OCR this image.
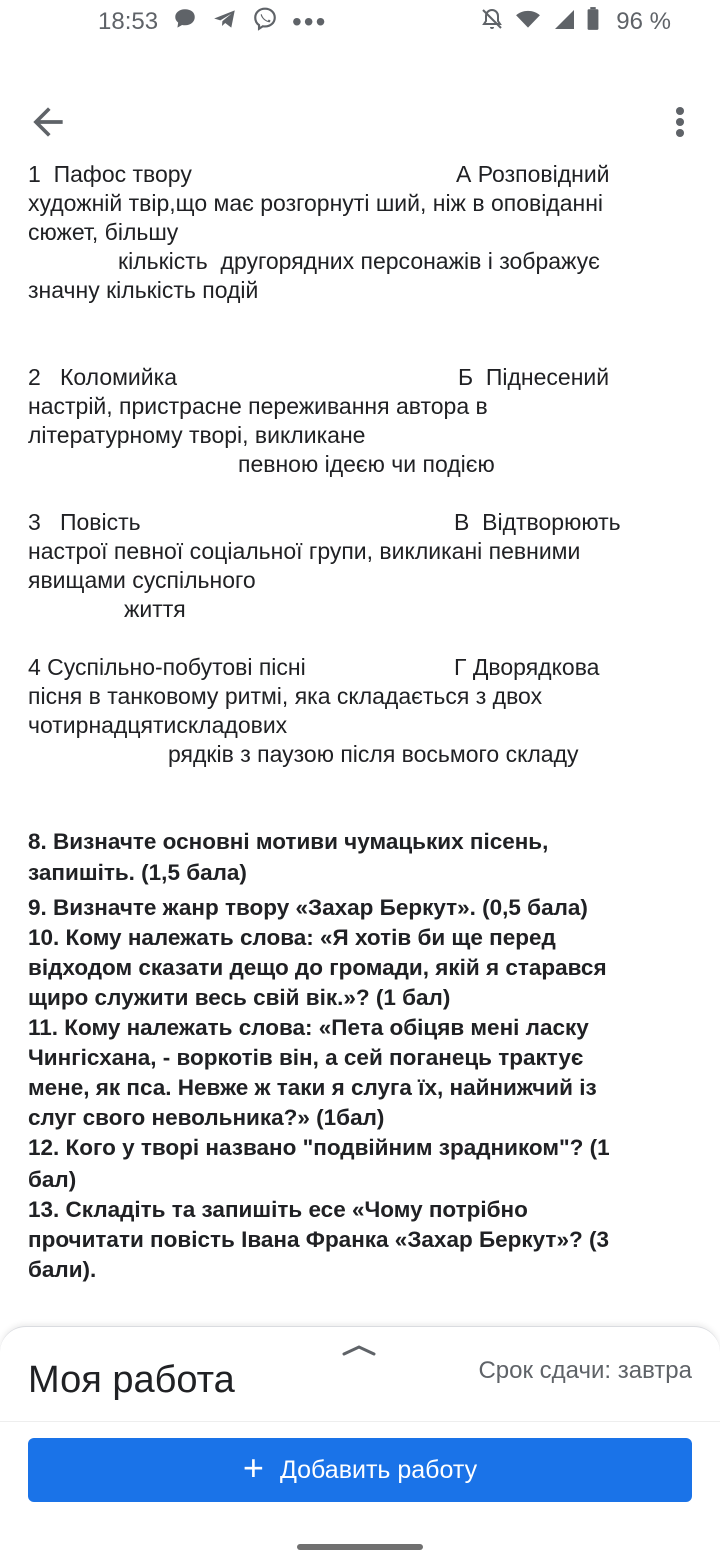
18:53	•••	96 %
1  Пафос твору	А Розповідний
художній твір,що має розгорнуті ший, ніж в оповіданні
сюжет, більшу
кількість  другорядних персонажів і зображує
значну кількість подій
2   Коломийка	Б  Піднесений
настрій, пристрасне переживання автора в
літературному творі, викликане
певною ідеєю чи подією
3   Повість	В  Відтворюють
настрої певної соціальної групи, викликані певними
явищами суспільного
життя
4 Суспільно-побутові пісні	Г Дворядкова
пісня в танковому ритмі, яка складається з двох
чотирнадцятискладових
рядків з паузою після восьмого складу
8. Визначте основні мотиви чумацьких пісень,
запишіть. (1,5 бала)
9. Визначте жанр твору «Захар Беркут». (0,5 бала)
10. Кому належать слова: «Я хотів би ще перед
відходом сказати дещо до громади, якій я старався
щиро служити весь свій вік.»? (1 бал)
11. Кому належать слова: «Пета обіцяв мені ласку
Чингісхана, - воркотів він, а сей поганець трактує
мене, як пса. Невже ж таки я слуга їх, найнижчий із
слуг свого невольника?» (1бал)
12. Кого у творі названо "подвійним зрадником"? (1
бал)
13. Складіть та запишіть есе «Чому потрібно
прочитати повість Івана Франка «Захар Беркут»? (3
бали).
Моя работа	Срок сдачи: завтра
+ Добавить работу
